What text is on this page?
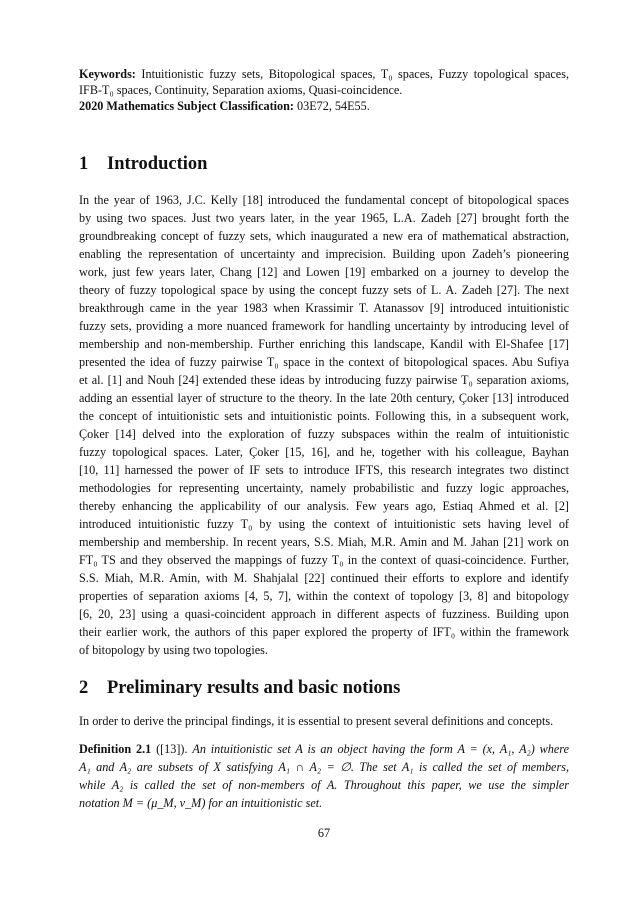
Keywords: Intuitionistic fuzzy sets, Bitopological spaces, T₀ spaces, Fuzzy topological spaces,
IFB-T₀ spaces, Continuity, Separation axioms, Quasi-coincidence.
2020 Mathematics Subject Classification: 03E72, 54E55.
1 Introduction
In the year of 1963, J.C. Kelly [18] introduced the fundamental concept of bitopological spaces
by using two spaces. Just two years later, in the year 1965, L.A. Zadeh [27] brought forth the
groundbreaking concept of fuzzy sets, which inaugurated a new era of mathematical abstraction,
enabling the representation of uncertainty and imprecision. Building upon Zadeh’s pioneering
work, just few years later, Chang [12] and Lowen [19] embarked on a journey to develop the
theory of fuzzy topological space by using the concept fuzzy sets of L. A. Zadeh [27]. The next
breakthrough came in the year 1983 when Krassimir T. Atanassov [9] introduced intuitionistic
fuzzy sets, providing a more nuanced framework for handling uncertainty by introducing level of
membership and non-membership. Further enriching this landscape, Kandil with El-Shafee [17]
presented the idea of fuzzy pairwise T₀ space in the context of bitopological spaces. Abu Sufiya
et al. [1] and Nouh [24] extended these ideas by introducing fuzzy pairwise T₀ separation axioms,
adding an essential layer of structure to the theory. In the late 20th century, Çoker [13] introduced
the concept of intuitionistic sets and intuitionistic points. Following this, in a subsequent work,
Çoker [14] delved into the exploration of fuzzy subspaces within the realm of intuitionistic
fuzzy topological spaces. Later, Çoker [15, 16], and he, together with his colleague, Bayhan
[10, 11] harnessed the power of IF sets to introduce IFTS, this research integrates two distinct
methodologies for representing uncertainty, namely probabilistic and fuzzy logic approaches,
thereby enhancing the applicability of our analysis. Few years ago, Estiaq Ahmed et al. [2]
introduced intuitionistic fuzzy T₀ by using the context of intuitionistic sets having level of
membership and membership. In recent years, S.S. Miah, M.R. Amin and M. Jahan [21] work on
FT₀ TS and they observed the mappings of fuzzy T₀ in the context of quasi-coincidence. Further,
S.S. Miah, M.R. Amin, with M. Shahjalal [22] continued their efforts to explore and identify
properties of separation axioms [4, 5, 7], within the context of topology [3, 8] and bitopology
[6, 20, 23] using a quasi-coincident approach in different aspects of fuzziness. Building upon
their earlier work, the authors of this paper explored the property of IFT₀ within the framework
of bitopology by using two topologies.
2 Preliminary results and basic notions
In order to derive the principal findings, it is essential to present several definitions and concepts.
Definition 2.1 ([13]). An intuitionistic set A is an object having the form A = (x, A₁, A₂) where
A₁ and A₂ are subsets of X satisfying A₁ ∩ A₂ = ∅. The set A₁ is called the set of members,
while A₂ is called the set of non-members of A. Throughout this paper, we use the simpler
notation M = (μ_M, ν_M) for an intuitionistic set.
67
